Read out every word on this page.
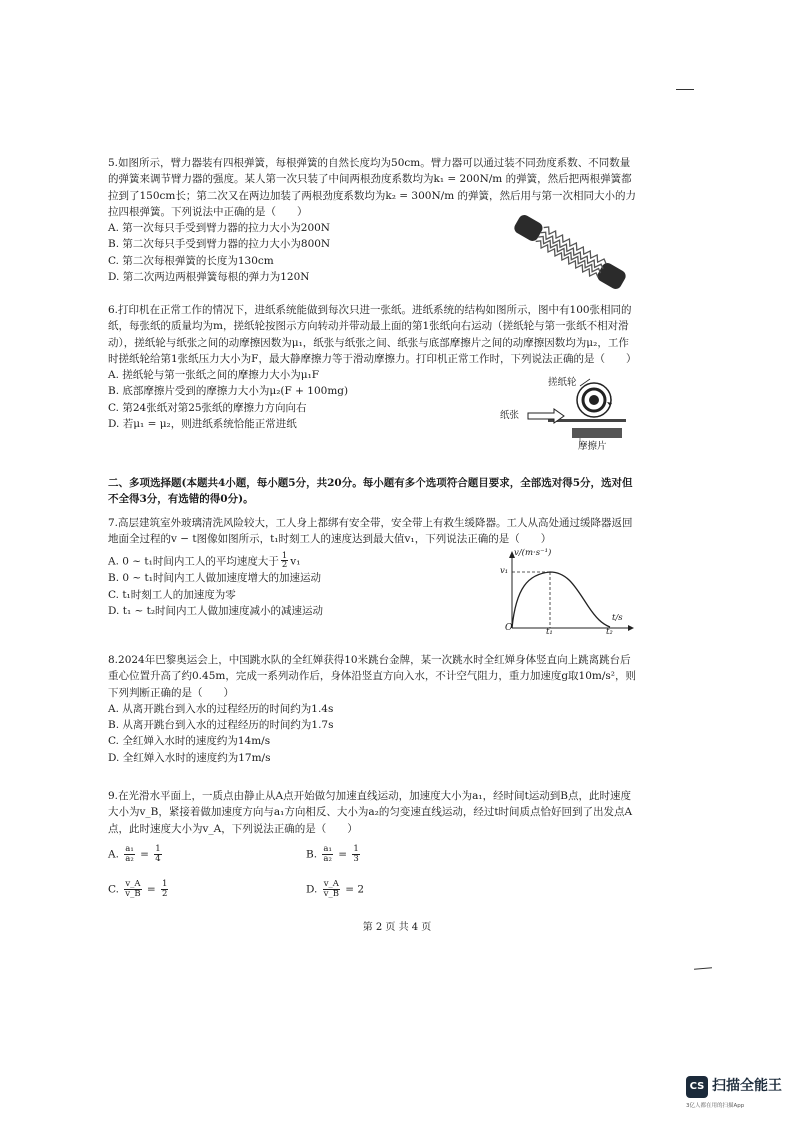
5.如图所示，臂力器装有四根弹簧，每根弹簧的自然长度均为50cm。臂力器可以通过装不同劲度系数、不同数量的弹簧来调节臂力器的强度。某人第一次只装了中间两根劲度系数均为k₁ = 200N/m 的弹簧，然后把两根弹簧都拉到了150cm长；第二次又在两边加装了两根劲度系数均为k₂ = 300N/m 的弹簧，然后用与第一次相同大小的力拉四根弹簧。下列说法中正确的是（　　）

A. 第一次每只手受到臂力器的拉力大小为200N

B. 第二次每只手受到臂力器的拉力大小为800N

C. 第二次每根弹簧的长度为130cm

D. 第二次两边两根弹簧每根的弹力为120N

6.打印机在正常工作的情况下，进纸系统能做到每次只进一张纸。进纸系统的结构如图所示，图中有100张相同的纸，每张纸的质量均为m，搓纸轮按图示方向转动并带动最上面的第1张纸向右运动（搓纸轮与第一张纸不相对滑动），搓纸轮与纸张之间的动摩擦因数为μ₁，纸张与纸张之间、纸张与底部摩擦片之间的动摩擦因数均为μ₂，工作时搓纸轮给第1张纸压力大小为F，最大静摩擦力等于滑动摩擦力。打印机正常工作时，下列说法正确的是（　　）

A. 搓纸轮与第一张纸之间的摩擦力大小为μ₁F

B. 底部摩擦片受到的摩擦力大小为μ₂(F + 100mg)

C. 第24张纸对第25张纸的摩擦力方向向右

D. 若μ₁ = μ₂，则进纸系统恰能正常进纸

搓纸轮
纸张
摩擦片
二、多项选择题(本题共4小题，每小题5分，共20分。每小题有多个选项符合题目要求，全部选对得5分，选对但不全得3分，有选错的得0分)。

7.高层建筑室外玻璃清洗风险较大，工人身上都绑有安全带，安全带上有救生缓降器。工人从高处通过缓降器返回地面全过程的v − t图像如图所示，t₁时刻工人的速度达到最大值v₁，下列说法正确的是（　　）

A. 0 ~ t₁时间内工人的平均速度大于 $\frac{1}{2} v_1$

B. 0 ~ t₁时间内工人做加速度增大的加速运动

C. t₁时刻工人的加速度为零

D. t₁ ~ t₂时间内工人做加速度减小的减速运动

v/(m·s⁻¹)
t/s
O
v₁
t₁	t₂

8.2024年巴黎奥运会上，中国跳水队的全红婵获得10米跳台金牌，某一次跳水时全红婵身体竖直向上跳离跳台后重心位置升高了约0.45m，完成一系列动作后，身体沿竖直方向入水，不计空气阻力，重力加速度g取10m/s²，则下列判断正确的是（　　）

A. 从离开跳台到入水的过程经历的时间约为1.4s

B. 从离开跳台到入水的过程经历的时间约为1.7s

C. 全红婵入水时的速度约为14m/s

D. 全红婵入水时的速度约为17m/s

9.在光滑水平面上，一质点由静止从A点开始做匀加速直线运动，加速度大小为a₁，经时间t运动到B点，此时速度大小为v_B，紧接着做加速度方向与a₁方向相反、大小为a₂的匀变速直线运动，经过t时间质点恰好回到了出发点A点，此时速度大小为v_A，下列说法正确的是（　　）

A. $\frac{\text{a₁}}{\text{a₂}} = \frac{1}{4}$	B. $\frac{\text{a₁}}{\text{a₂}} = \frac{1}{3}$
C. $\frac{v\_A}{v\_B} = \frac{1}{2}$	D. $\frac{v\_A}{v\_B} = 2$
第 2 页 共 4 页
CS 扫描全能王
3亿人都在用的扫描App
